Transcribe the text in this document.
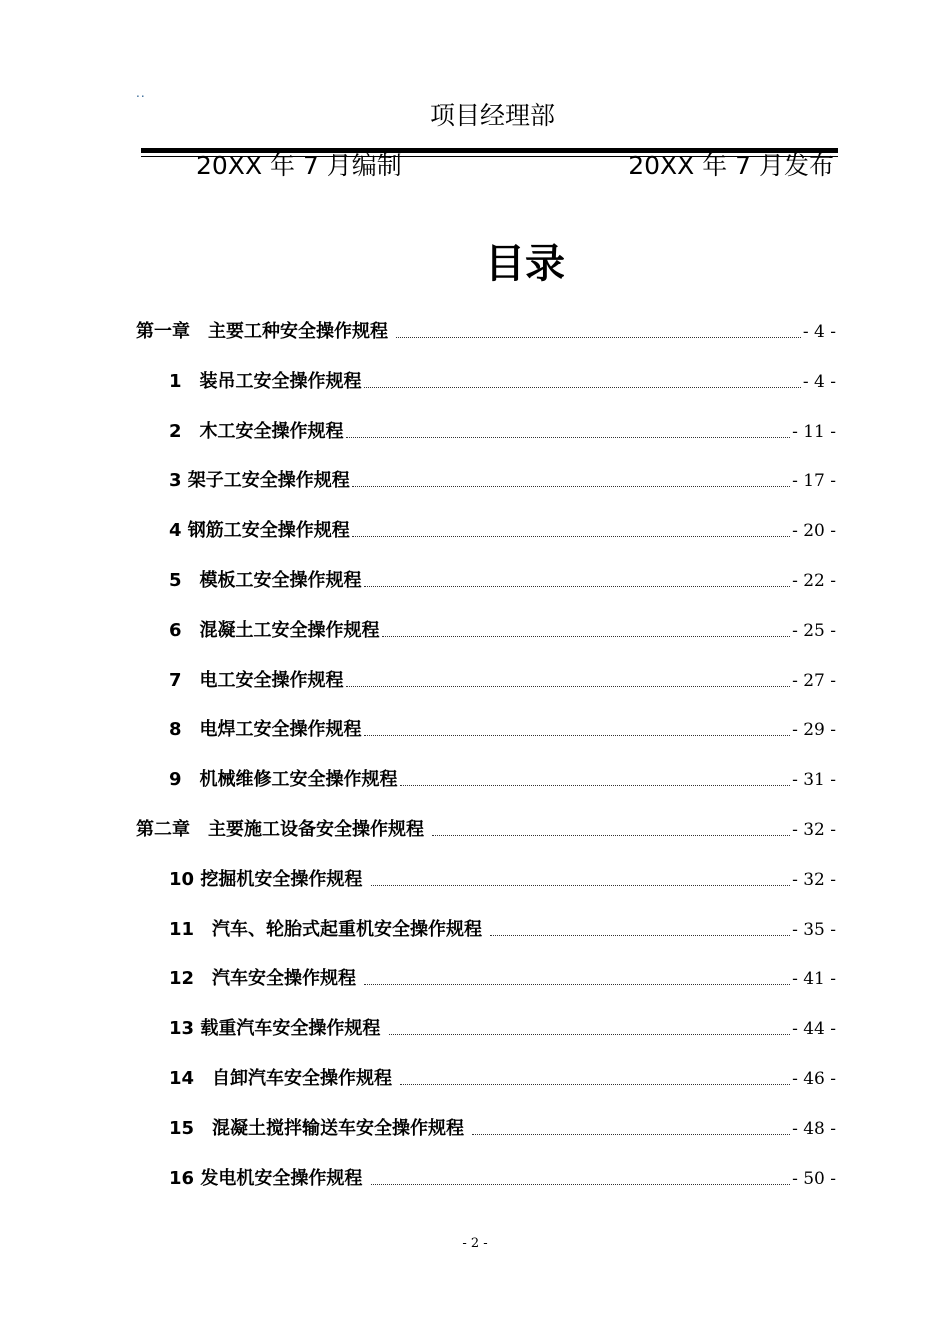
..
项目经理部
20XX 年 7 月编制	20XX 年 7 月发布
目录
第一章　主要工种安全操作规程	- 4 -
1　装吊工安全操作规程	- 4 -
2　木工安全操作规程	- 11 -
3 架子工安全操作规程	- 17 -
4 钢筋工安全操作规程	- 20 -
5　模板工安全操作规程	- 22 -
6　混凝土工安全操作规程	- 25 -
7　电工安全操作规程	- 27 -
8　电焊工安全操作规程	- 29 -
9　机械维修工安全操作规程	- 31 -
第二章　主要施工设备安全操作规程	- 32 -
10 挖掘机安全操作规程	- 32 -
11　汽车、轮胎式起重机安全操作规程	- 35 -
12　汽车安全操作规程	- 41 -
13 载重汽车安全操作规程	- 44 -
14　自卸汽车安全操作规程	- 46 -
15　混凝土搅拌输送车安全操作规程	- 48 -
16 发电机安全操作规程	- 50 -
- 2 -
